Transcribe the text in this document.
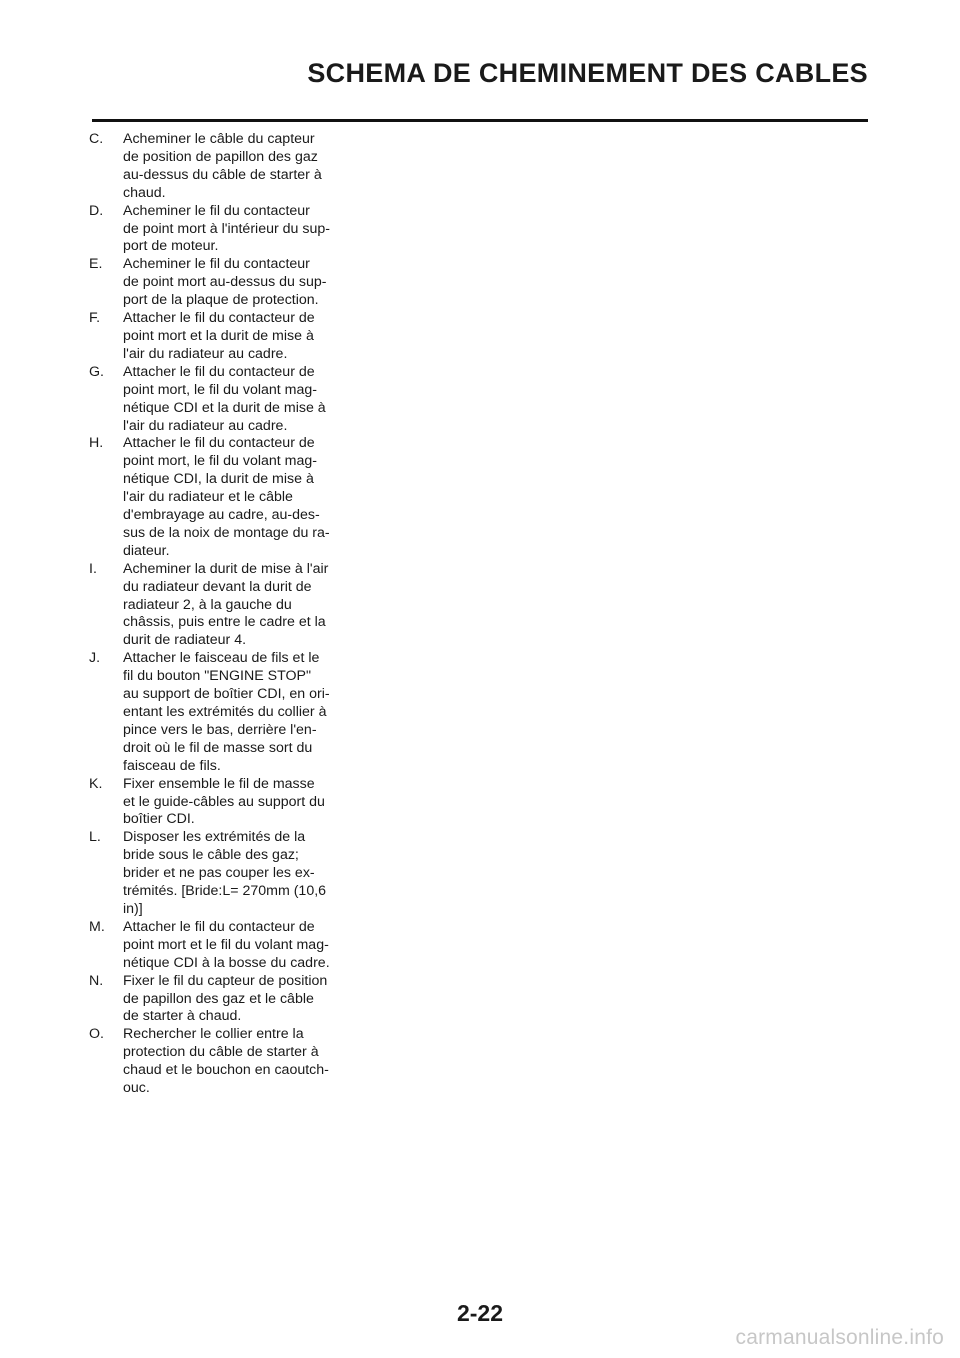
SCHEMA DE CHEMINEMENT DES CABLES
C. Acheminer le câble du capteur
de position de papillon des gaz
au-dessus du câble de starter à
chaud.
D. Acheminer le fil du contacteur
de point mort à l'intérieur du sup-
port de moteur.
E. Acheminer le fil du contacteur
de point mort au-dessus du sup-
port de la plaque de protection.
F. Attacher le fil du contacteur de
point mort et la durit de mise à
l'air du radiateur au cadre.
G. Attacher le fil du contacteur de
point mort, le fil du volant mag-
nétique CDI et la durit de mise à
l'air du radiateur au cadre.
H. Attacher le fil du contacteur de
point mort, le fil du volant mag-
nétique CDI, la durit de mise à
l'air du radiateur et le câble
d'embrayage au cadre, au-des-
sus de la noix de montage du ra-
diateur.
I. Acheminer la durit de mise à l'air
du radiateur devant la durit de
radiateur 2, à la gauche du
châssis, puis entre le cadre et la
durit de radiateur 4.
J. Attacher le faisceau de fils et le
fil du bouton "ENGINE STOP"
au support de boîtier CDI, en ori-
entant les extrémités du collier à
pince vers le bas, derrière l'en-
droit où le fil de masse sort du
faisceau de fils.
K. Fixer ensemble le fil de masse
et le guide-câbles au support du
boîtier CDI.
L. Disposer les extrémités de la
bride sous le câble des gaz;
brider et ne pas couper les ex-
trémités. [Bride:L= 270mm (10,6
in)]
M. Attacher le fil du contacteur de
point mort et le fil du volant mag-
nétique CDI à la bosse du cadre.
N. Fixer le fil du capteur de position
de papillon des gaz et le câble
de starter à chaud.
O. Rechercher le collier entre la
protection du câble de starter à
chaud et le bouchon en caoutch-
ouc.
2-22
carmanualsonline.info
